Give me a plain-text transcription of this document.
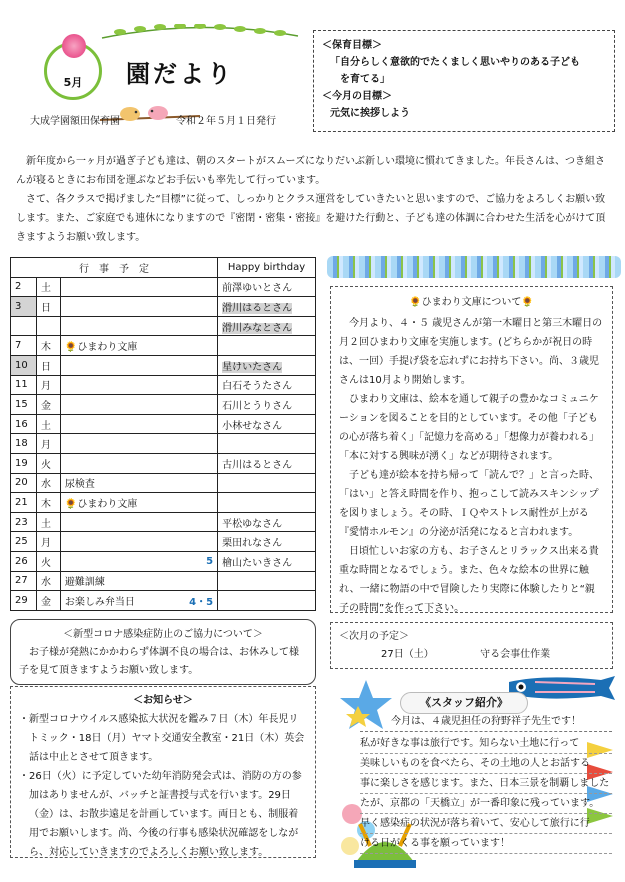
5月	園だより
大成学園額田保育園	令和２年５月１日発行
＜保育目標＞
「自分らしく意欲的でたくましく思いやりのある子ども
を育てる」
＜今月の目標＞
元気に挨拶しよう

新年度から一ヶ月が過ぎ子ども達は、朝のスタートがスムーズになりだいぶ新しい環境に慣れてきました。年長さんは、つき組さんが寝るときにお布団を運ぶなどお手伝いも率先して行っています。

さて、各クラスで掲げました“目標”に従って、しっかりとクラス運営をしていきたいと思いますので、ご協力をよろしくお願い致します。また、ご家庭でも連休になりますので『密閉・密集・密接』を避けた行動と、子ども達の体調に合わせた生活を心がけて頂きますようお願い致します。

行　事　予　定			Happy birthday
2	土		前澤ゆいとさん
3	日		滑川はるとさん
			滑川みなとさん
7	木	🌻ひまわり文庫	
10	日		星けいたさん
11	月		白石そうたさん
15	金		石川とうりさん
16	土		小林せなさん
18	月		
19	火		古川はるとさん
20	水	尿検査	
21	木	🌻ひまわり文庫	
23	土		平松ゆなさん
25	月		栗田れなさん
26	火	5	檜山たいきさん
27	水	避難訓練	
29	金	お楽しみ弁当日 4・5	

🌻ひまわり文庫について🌻

今月より、４・５ 歳児さんが第一木曜日と第三木曜日の月２回ひまわり文庫を実施します。(どちらかが祝日の時は、一回）手提げ袋を忘れずにお持ち下さい。尚、３歳児さんは10月より開始します。

ひまわり文庫は、絵本を通して親子の豊かなコミュニケーションを図ることを目的としています。その他「子どもの心が落ち着く」「記憶力を高める」「想像力が養われる」「本に対する興味が湧く」などが期待されます。

子ども達が絵本を持ち帰って「読んで？」と言った時、「はい」と答え時間を作り、抱っこして読みスキンシップを図りましょう。その時、ＩＱやストレス耐性が上がる『愛情ホルモン』の分泌が活発になると言われます。

日頃忙しいお家の方も、お子さんとリラックス出来る貴重な時間となるでしょう。また、色々な絵本の世界に触れ、一緒に物語の中で冒険したり実際に体験したりと“親子の時間”を作って下さい。

＜新型コロナ感染症防止のご協力について＞

お子様が発熱にかかわらず体調不良の場合は、お休みして様子を見て頂きますようお願い致します。

＜次月の予定＞
27日（土）	守る会事仕作業
＜お知らせ＞
・新型コロナウイルス感染拡大状況を鑑み７日（木）年長児リトミック・18日（月）ヤマト交通安全教室・21日（木）英会話は中止とさせて頂きます。
・26日（火）に予定していた幼年消防発会式は、消防の方の参加はありませんが、バッチと証書授与式を行います。29日（金）は、お散歩遠足を計画しています。両日とも、制服着用でお願いします。尚、今後の行事も感染状況確認をしながら、対応していきますのでよろしくお願い致します。
《スタッフ紹介》
今月は、４歳児担任の狩野祥子先生です！
私が好きな事は旅行です。知らない土地に行って
美味しいものを食べたら、その土地の人とお話する
事に楽しさを感じます。また、日本三景を制覇しました
たが、京都の「天橋立」が一番印象に残っています。
早く感染症の状況が落ち着いて、安心して旅行に行
ける日がくる事を願っています！
